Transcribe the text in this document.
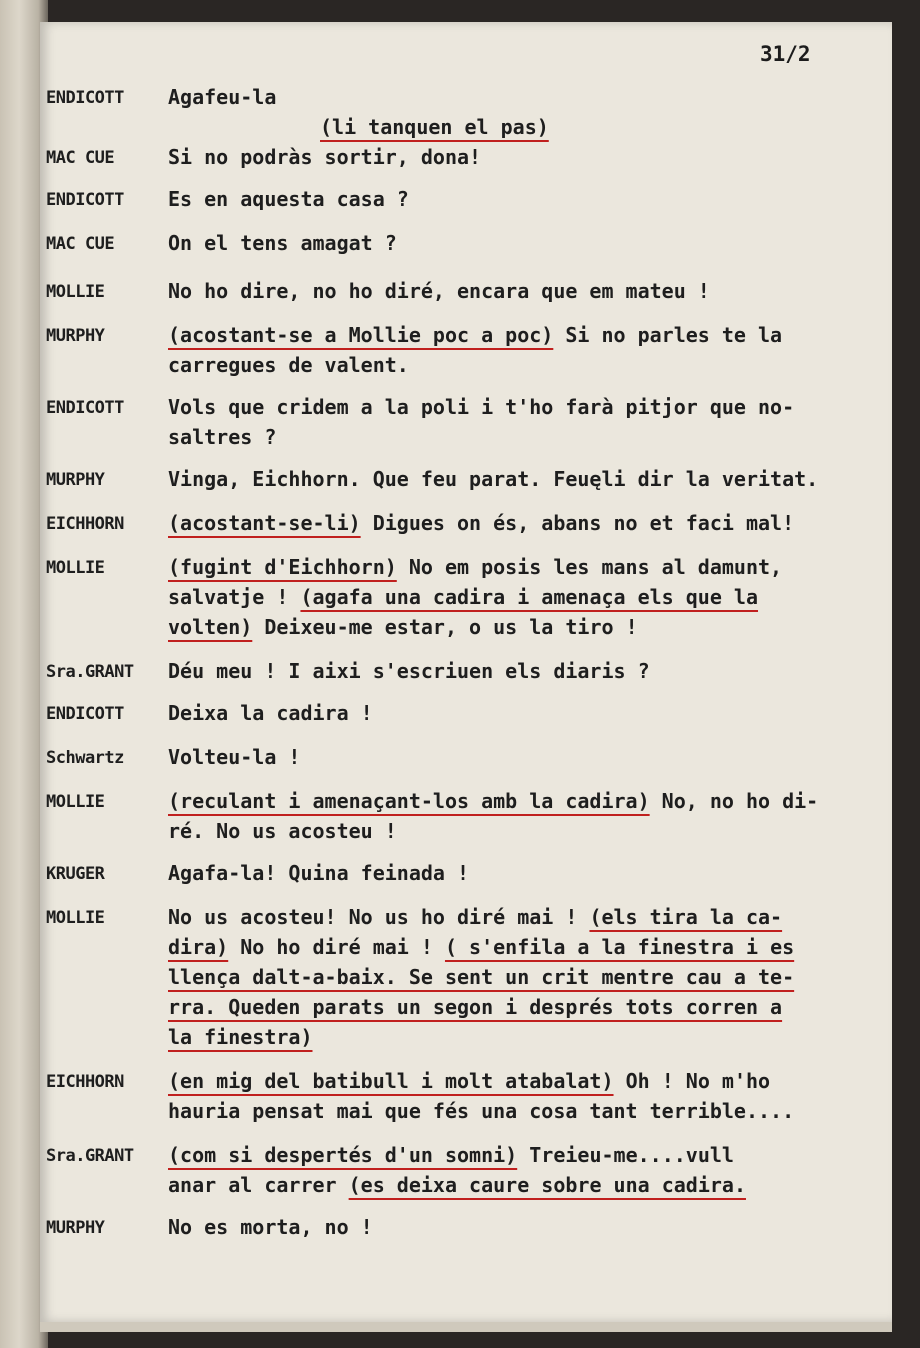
31/2
ENDICOTT	Agafeu-la
(li tanquen el pas)
MAC CUE	Si no podràs sortir, dona!
ENDICOTT	Es en aquesta casa ?
MAC CUE	On el tens amagat ?
MOLLIE	No ho dire, no ho diré, encara que em mateu !
MURPHY	(acostant-se a Mollie poc a poc) Si no parles te la
carregues de valent.
ENDICOTT	Vols que cridem a la poli i t'ho farà pitjor que no-
saltres ?
MURPHY	Vinga, Eichhorn. Que feu parat. Feuęli dir la veritat.
EICHHORN	(acostant-se-li) Digues on és, abans no et faci mal!
MOLLIE	(fugint d'Eichhorn) No em posis les mans al damunt,
salvatje ! (agafa una cadira i amenaça els que la
volten) Deixeu-me estar, o us la tiro !
Sra.GRANT	Déu meu ! I aixi s'escriuen els diaris ?
ENDICOTT	Deixa la cadira !
Schwartz	Volteu-la !
MOLLIE	(reculant i amenaçant-los amb la cadira) No, no ho di-
ré. No us acosteu !
KRUGER	Agafa-la! Quina feinada !
MOLLIE	No us acosteu! No us ho diré mai ! (els tira la ca-
dira) No ho diré mai ! ( s'enfila a la finestra i es
llença dalt-a-baix. Se sent un crit mentre cau a te-
rra. Queden parats un segon i després tots corren a
la finestra)
EICHHORN	(en mig del batibull i molt atabalat) Oh ! No m'ho
hauria pensat mai que fés una cosa tant terrible....
Sra.GRANT	(com si despertés d'un somni) Treieu-me....vull
anar al carrer (es deixa caure sobre una cadira.
MURPHY	No es morta, no !
